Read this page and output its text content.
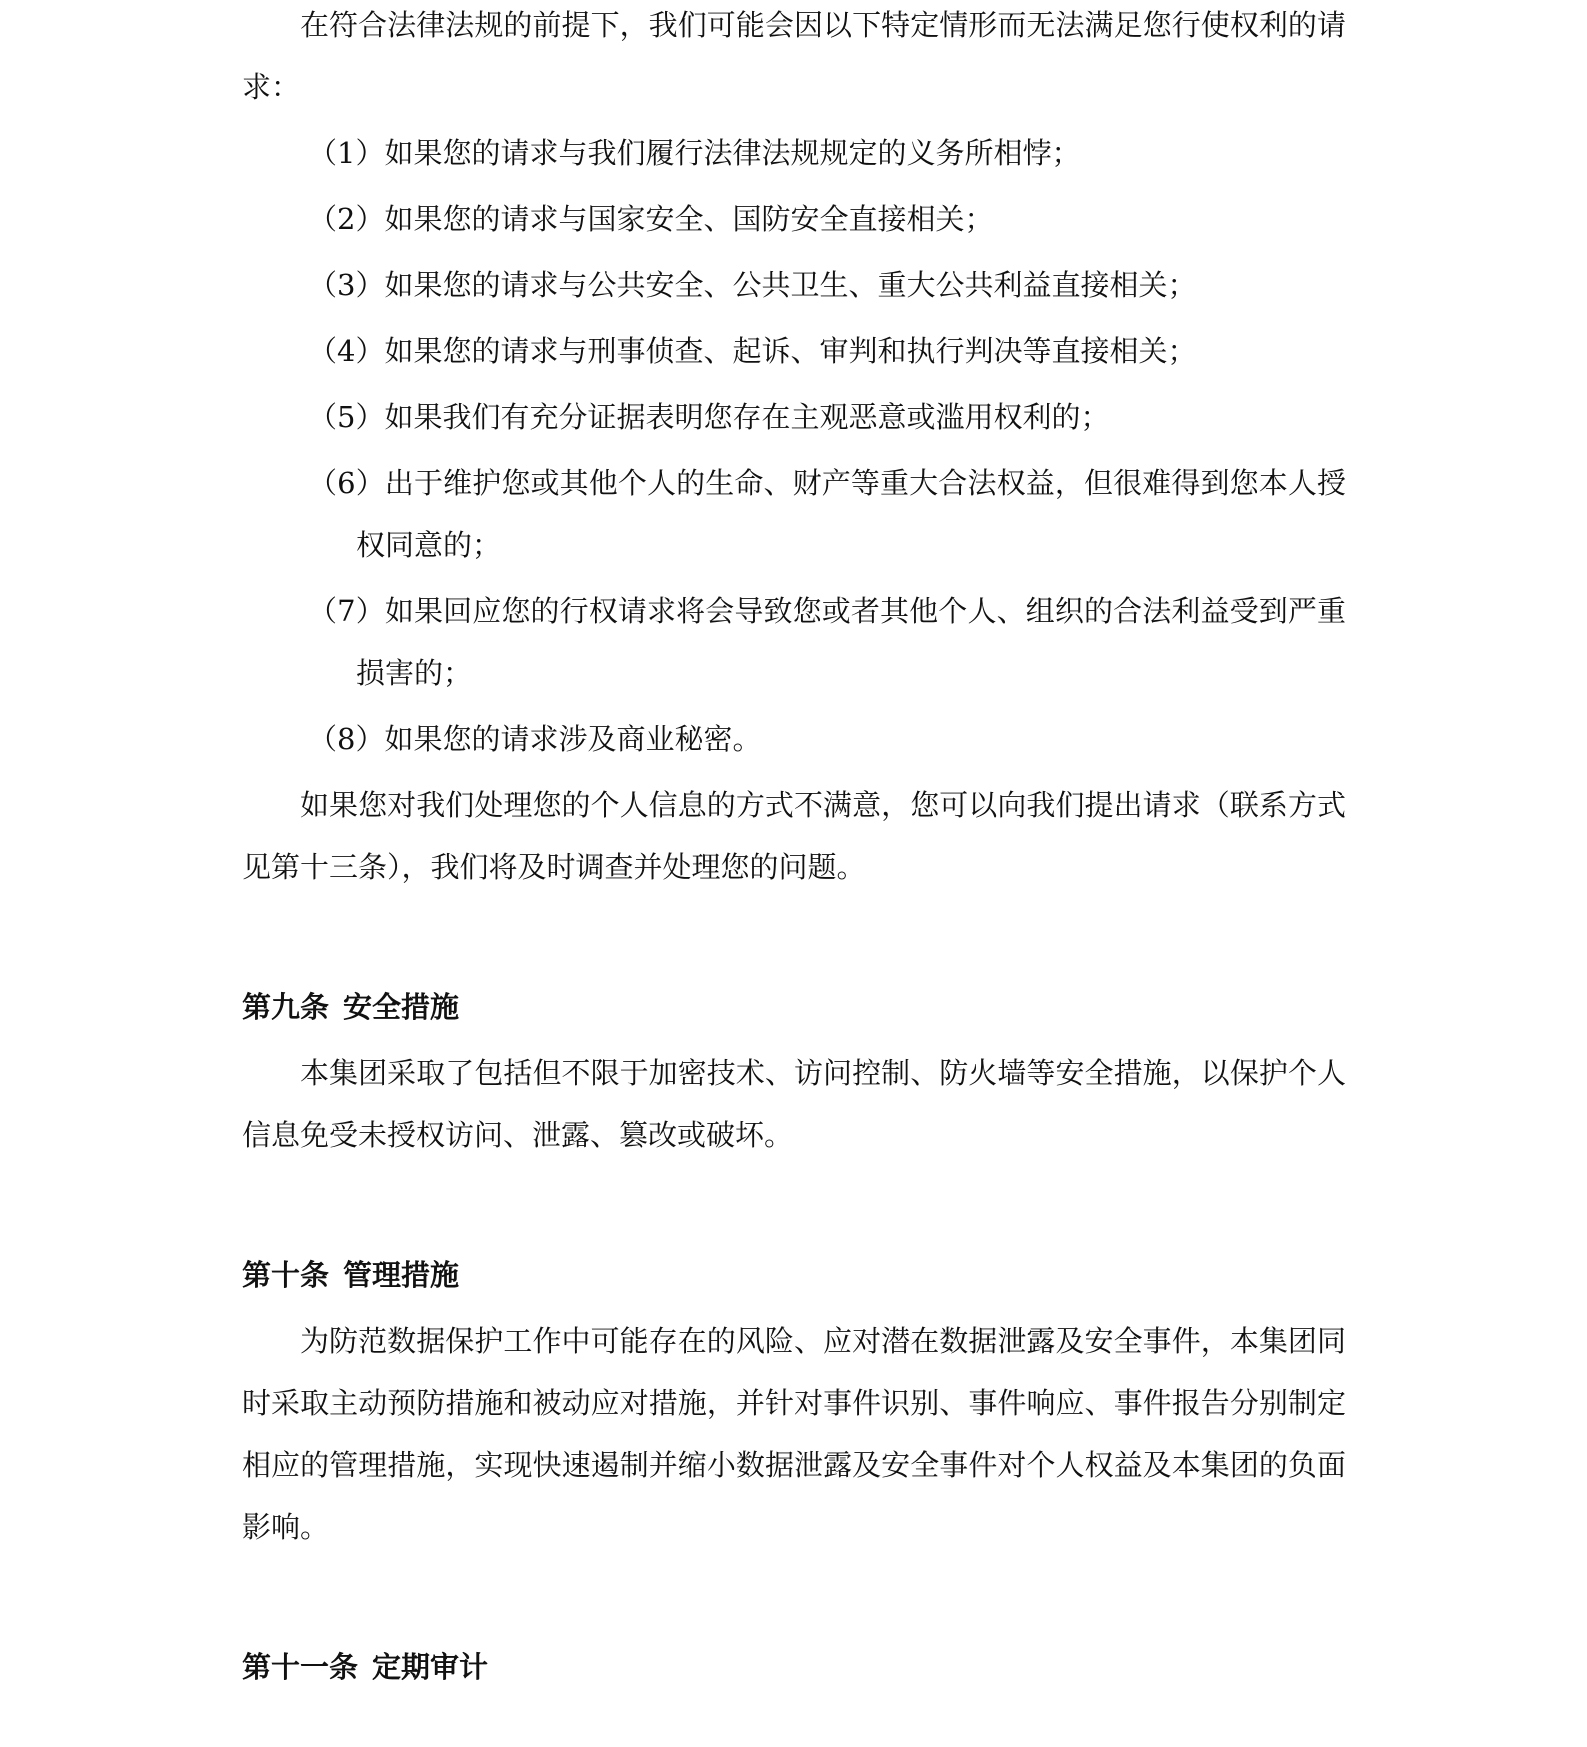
在符合法律法规的前提下，我们可能会因以下特定情形而无法满足您行使权利的请求：

（1）如果您的请求与我们履行法律法规规定的义务所相悖；

（2）如果您的请求与国家安全、国防安全直接相关；

（3）如果您的请求与公共安全、公共卫生、重大公共利益直接相关；

（4）如果您的请求与刑事侦查、起诉、审判和执行判决等直接相关；

（5）如果我们有充分证据表明您存在主观恶意或滥用权利的；

（6）出于维护您或其他个人的生命、财产等重大合法权益，但很难得到您本人授权同意的；

（7）如果回应您的行权请求将会导致您或者其他个人、组织的合法利益受到严重损害的；

（8）如果您的请求涉及商业秘密。

如果您对我们处理您的个人信息的方式不满意，您可以向我们提出请求（联系方式见第十三条），我们将及时调查并处理您的问题。

第九条 安全措施

本集团采取了包括但不限于加密技术、访问控制、防火墙等安全措施，以保护个人信息免受未授权访问、泄露、篡改或破坏。

第十条 管理措施

为防范数据保护工作中可能存在的风险、应对潜在数据泄露及安全事件，本集团同时采取主动预防措施和被动应对措施，并针对事件识别、事件响应、事件报告分别制定相应的管理措施，实现快速遏制并缩小数据泄露及安全事件对个人权益及本集团的负面影响。

第十一条 定期审计
